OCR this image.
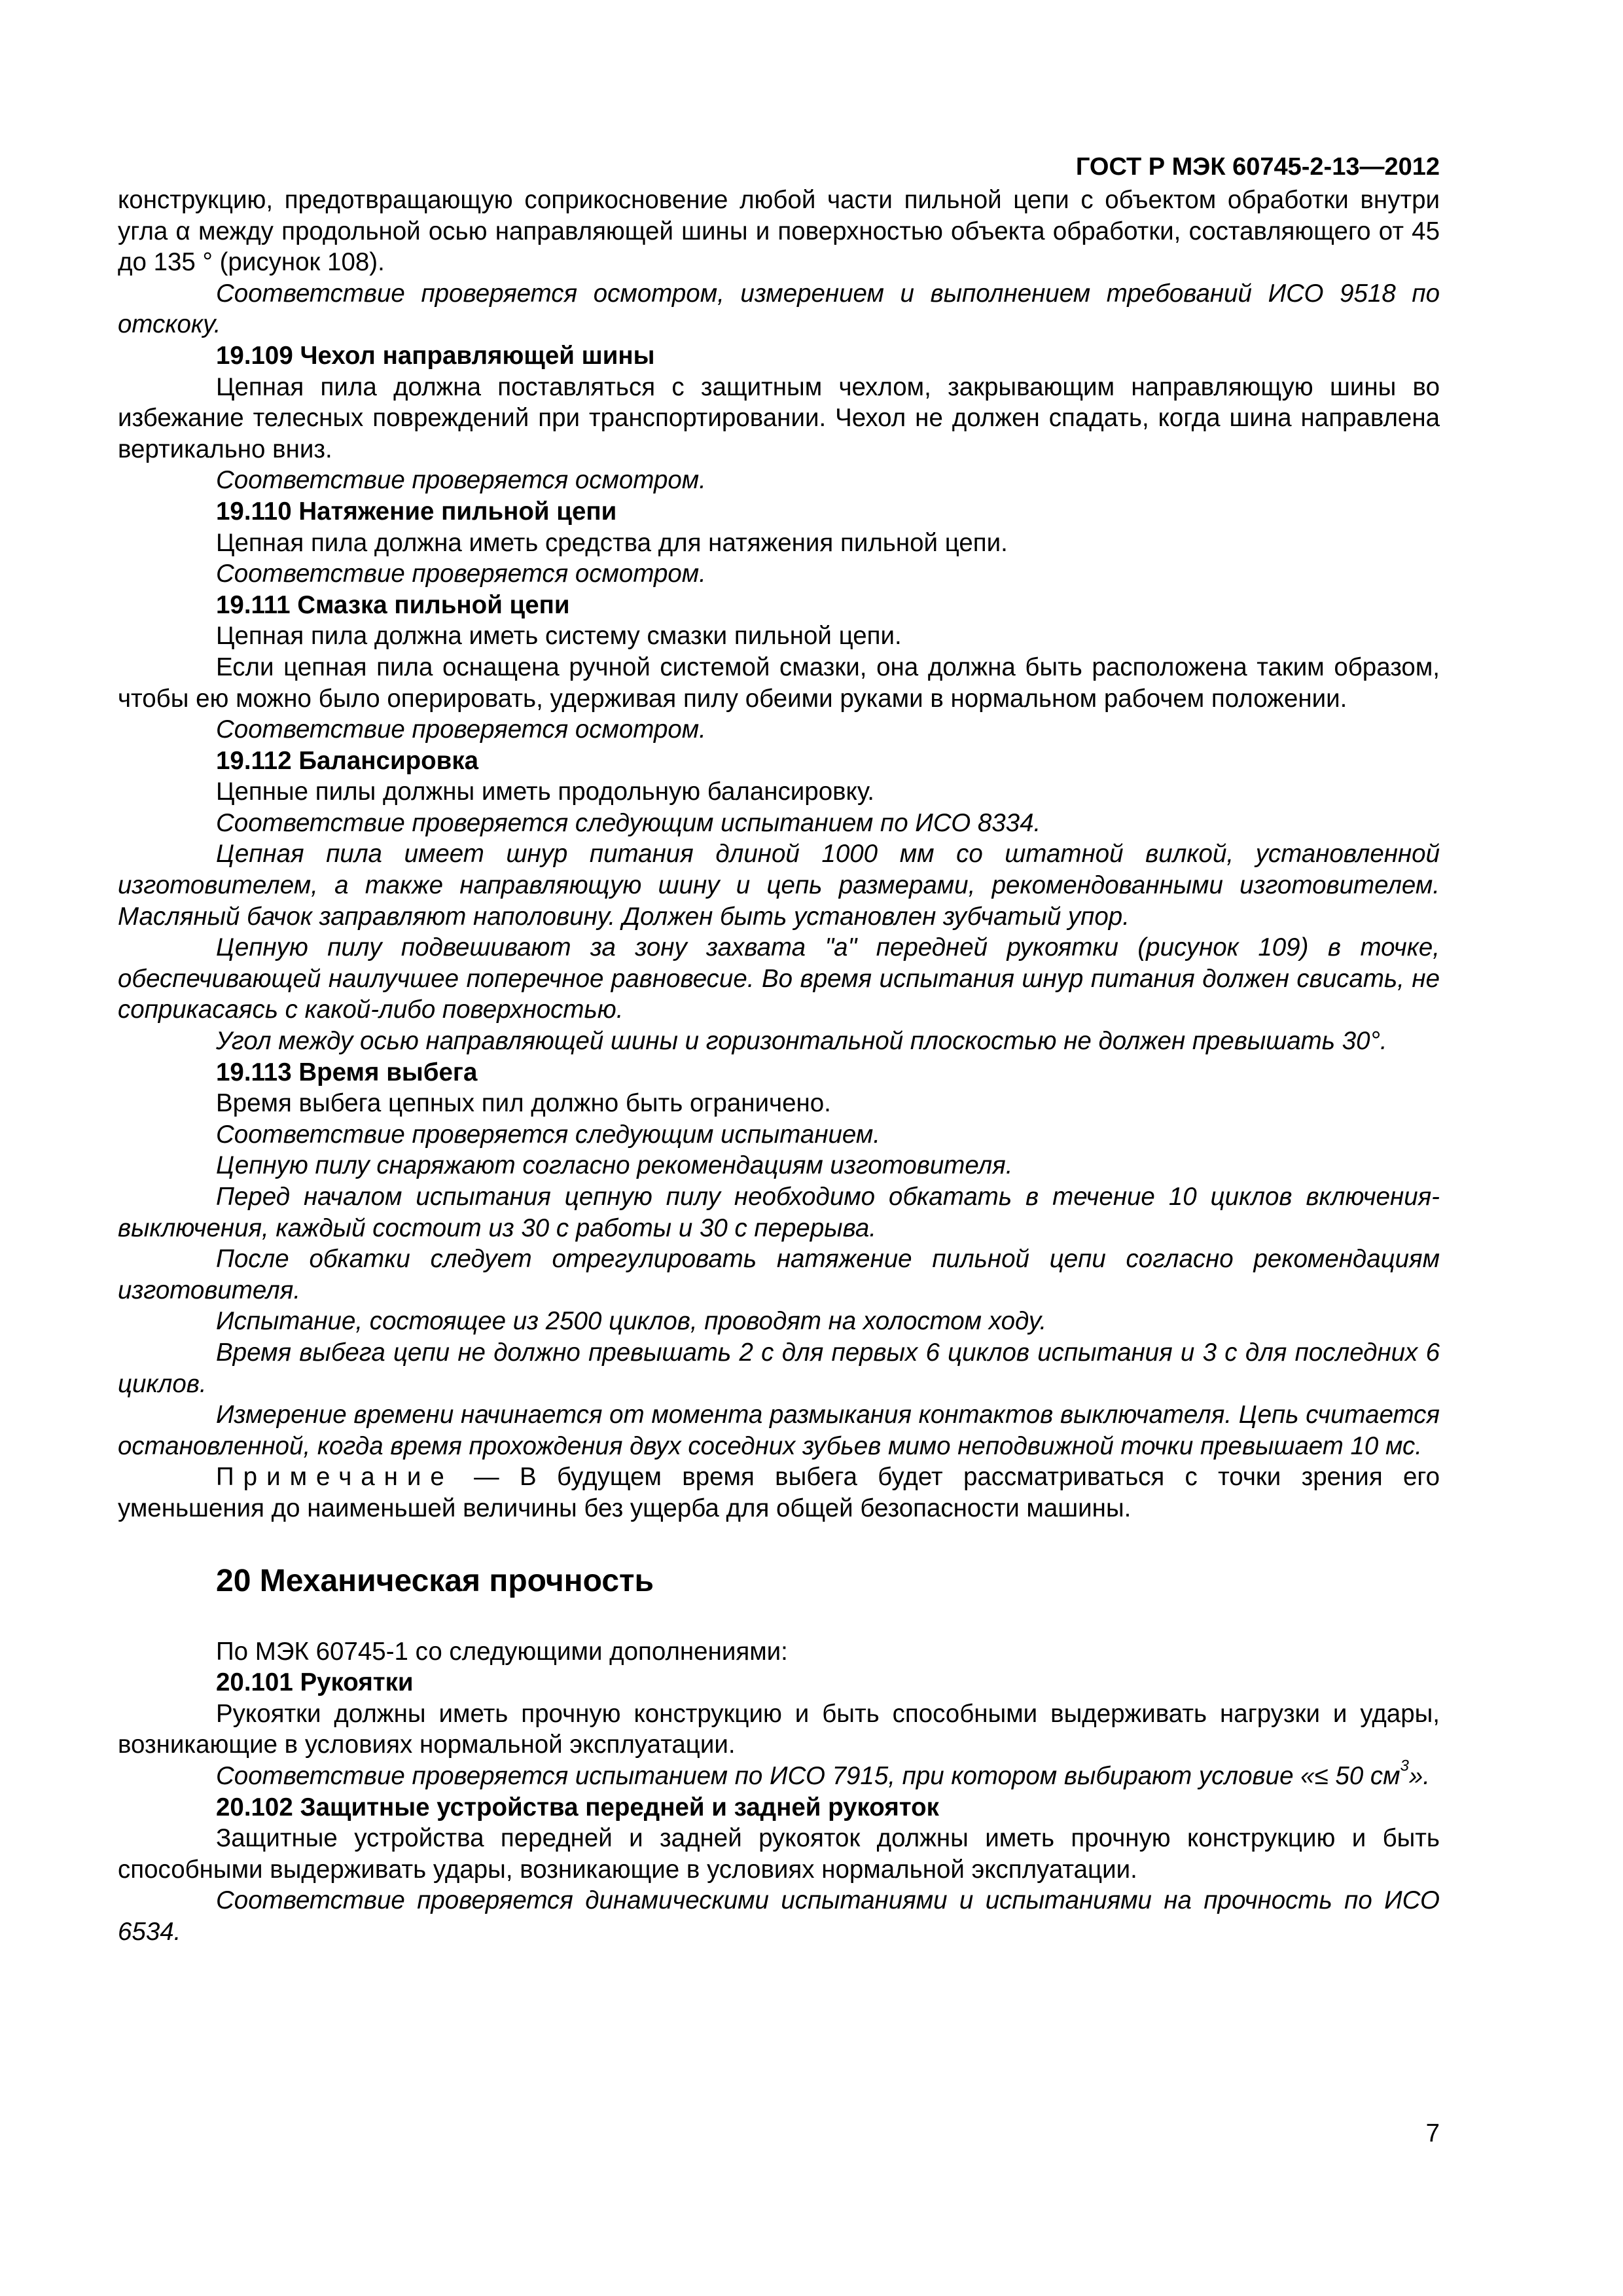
ГОСТ Р МЭК 60745-2-13—2012

конструкцию, предотвращающую соприкосновение любой части пильной цепи с объектом обработки внутри угла α между продольной осью направляющей шины и поверхностью объекта обработки, составляющего от 45 до 135 ° (рисунок 108).

Соответствие проверяется осмотром, измерением и выполнением требований ИСО 9518 по отскоку.

19.109 Чехол направляющей шины

Цепная пила должна поставляться с защитным чехлом, закрывающим направляющую шины во избежание телесных повреждений при транспортировании. Чехол не должен спадать, когда шина направлена вертикально вниз.

Соответствие проверяется осмотром.

19.110 Натяжение пильной цепи

Цепная пила должна иметь средства для натяжения пильной цепи.

Соответствие проверяется осмотром.

19.111 Смазка пильной цепи

Цепная пила должна иметь систему смазки пильной цепи.

Если цепная пила оснащена ручной системой смазки, она должна быть расположена таким образом, чтобы ею можно было оперировать, удерживая пилу обеими руками в нормальном рабочем положении.

Соответствие проверяется осмотром.

19.112 Балансировка

Цепные пилы должны иметь продольную балансировку.

Соответствие проверяется следующим испытанием по ИСО 8334.

Цепная пила имеет шнур питания длиной 1000 мм со штатной вилкой, установленной изготовителем, а также направляющую шину и цепь размерами, рекомендованными изготовителем. Масляный бачок заправляют наполовину. Должен быть установлен зубчатый упор.

Цепную пилу подвешивают за зону захвата "a" передней рукоятки (рисунок 109) в точке, обеспечивающей наилучшее поперечное равновесие. Во время испытания шнур питания должен свисать, не соприкасаясь с какой-либо поверхностью.

Угол между осью направляющей шины и горизонтальной плоскостью не должен превышать 30°.

19.113 Время выбега

Время выбега цепных пил должно быть ограничено.

Соответствие проверяется следующим испытанием.

Цепную пилу снаряжают согласно рекомендациям изготовителя.

Перед началом испытания цепную пилу необходимо обкатать в течение 10 циклов включения-выключения, каждый состоит из 30 с работы и 30 с перерыва.

После обкатки следует отрегулировать натяжение пильной цепи согласно рекомендациям изготовителя.

Испытание, состоящее из 2500 циклов, проводят на холостом ходу.

Время выбега цепи не должно превышать 2 с для первых 6 циклов испытания и 3 с для последних 6 циклов.

Измерение времени начинается от момента размыкания контактов выключателя. Цепь считается остановленной, когда время прохождения двух соседних зубьев мимо неподвижной точки превышает 10 мс.

Примечание — В будущем время выбега будет рассматриваться с точки зрения его уменьшения до наименьшей величины без ущерба для общей безопасности машины.

20 Механическая прочность

По МЭК 60745-1 со следующими дополнениями:

20.101 Рукоятки

Рукоятки должны иметь прочную конструкцию и быть способными выдерживать нагрузки и удары, возникающие в условиях нормальной эксплуатации.

Соответствие проверяется испытанием по ИСО 7915, при котором выбирают условие «≤ 50 $см^3$».

20.102 Защитные устройства передней и задней рукояток

Защитные устройства передней и задней рукояток должны иметь прочную конструкцию и быть способными выдерживать удары, возникающие в условиях нормальной эксплуатации.

Соответствие проверяется динамическими испытаниями и испытаниями на прочность по ИСО 6534.

7
